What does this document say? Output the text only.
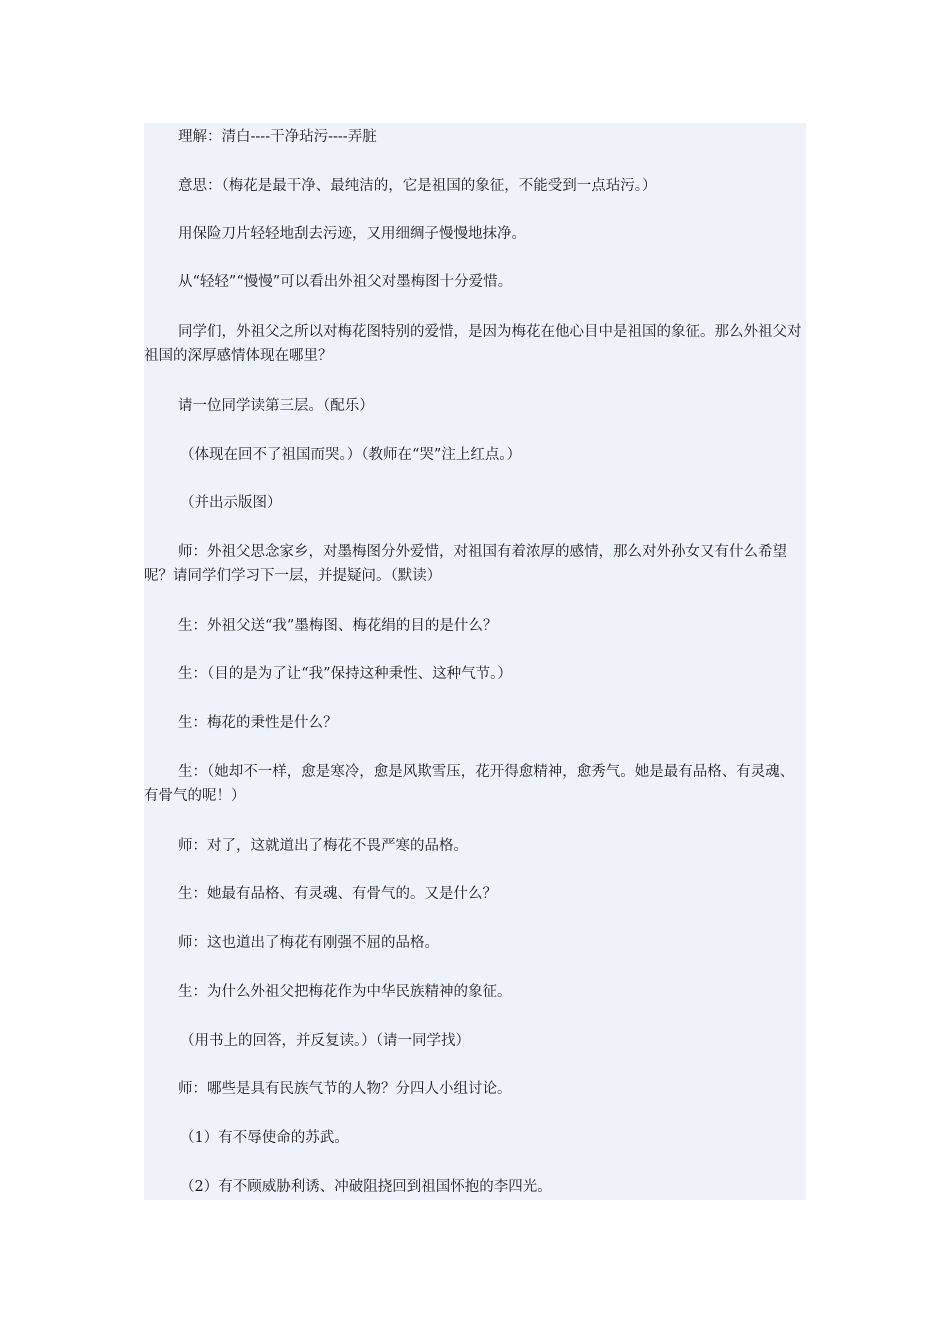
理解：清白----干净玷污----弄脏

意思：（梅花是最干净、最纯洁的，它是祖国的象征，不能受到一点玷污。）

用保险刀片轻轻地刮去污迹，又用细绸子慢慢地抹净。

从“轻轻”“慢慢”可以看出外祖父对墨梅图十分爱惜。

同学们，外祖父之所以对梅花图特别的爱惜，是因为梅花在他心目中是祖国的象征。那么外祖父对祖国的深厚感情体现在哪里？

请一位同学读第三层。（配乐）

（体现在回不了祖国而哭。）（教师在“哭”注上红点。）

（并出示版图）

师：外祖父思念家乡，对墨梅图分外爱惜，对祖国有着浓厚的感情，那么对外孙女又有什么希望呢？请同学们学习下一层，并提疑问。（默读）

生：外祖父送“我”墨梅图、梅花绢的目的是什么？

生：（目的是为了让“我”保持这种秉性、这种气节。）

生：梅花的秉性是什么？

生：（她却不一样，愈是寒冷，愈是风欺雪压，花开得愈精神，愈秀气。她是最有品格、有灵魂、有骨气的呢！）

师：对了，这就道出了梅花不畏严寒的品格。

生：她最有品格、有灵魂、有骨气的。又是什么？

师：这也道出了梅花有刚强不屈的品格。

生：为什么外祖父把梅花作为中华民族精神的象征。

（用书上的回答，并反复读。）（请一同学找）

师：哪些是具有民族气节的人物？分四人小组讨论。

（1）有不辱使命的苏武。

（2）有不顾威胁利诱、冲破阻挠回到祖国怀抱的李四光。
